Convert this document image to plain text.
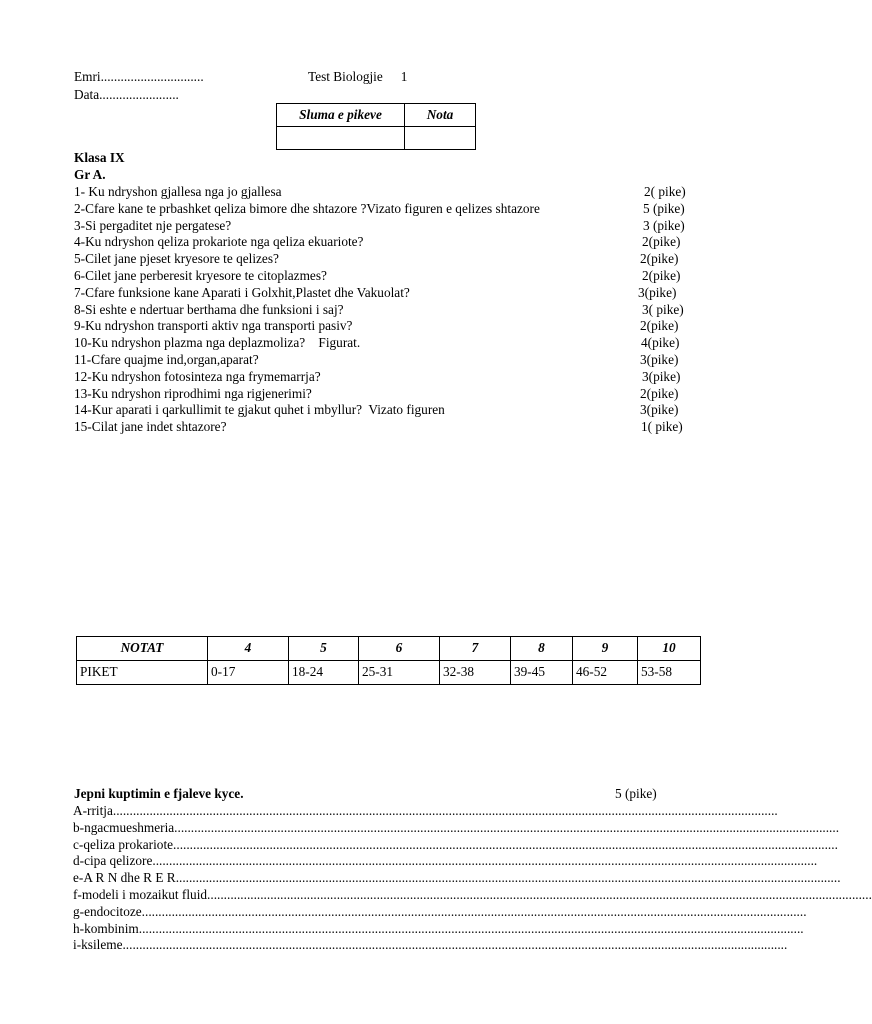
Emri...............................
Data........................
Test Biologjie 1
Sluma e pikeve	Nota

Klasa IX
Gr A.
1- Ku ndryshon gjallesa nga jo gjallesa	2( pike)
2-Cfare kane te prbashket qeliza bimore dhe shtazore ?Vizato figuren e qelizes shtazore	5 (pike)
3-Si pergaditet nje pergatese?	3 (pike)
4-Ku ndryshon qeliza prokariote nga qeliza ekuariote?	2(pike)
5-Cilet jane pjeset kryesore te qelizes?	2(pike)
6-Cilet jane perberesit kryesore te citoplazmes?	2(pike)
7-Cfare funksione kane Aparati i Golxhit,Plastet dhe Vakuolat?	3(pike)
8-Si eshte e ndertuar berthama dhe funksioni i saj?	3( pike)
9-Ku ndryshon transporti aktiv nga transporti pasiv?	2(pike)
10-Ku ndryshon plazma nga deplazmoliza?    Figurat.	4(pike)
11-Cfare quajme ind,organ,aparat?	3(pike)
12-Ku ndryshon fotosinteza nga frymemarrja?	3(pike)
13-Ku ndryshon riprodhimi nga rigjenerimi?	2(pike)
14-Kur aparati i qarkullimit te gjakut quhet i mbyllur?  Vizato figuren	3(pike)
15-Cilat jane indet shtazore?	1( pike)
NOTAT	4	5	6	7	8	9	10
PIKET	0-17	18-24	25-31	32-38	39-45	46-52	53-58
Jepni kuptimin e fjaleve kyce.	5 (pike)
A-rritja........................................................................................................................................................................................................
b-ngacmueshmeria........................................................................................................................................................................................................
c-qeliza prokariote........................................................................................................................................................................................................
d-cipa qelizore........................................................................................................................................................................................................
e-A R N dhe R E R........................................................................................................................................................................................................
f-modeli i mozaikut fluid........................................................................................................................................................................................................
g-endocitoze........................................................................................................................................................................................................
h-kombinim........................................................................................................................................................................................................
i-ksileme........................................................................................................................................................................................................
